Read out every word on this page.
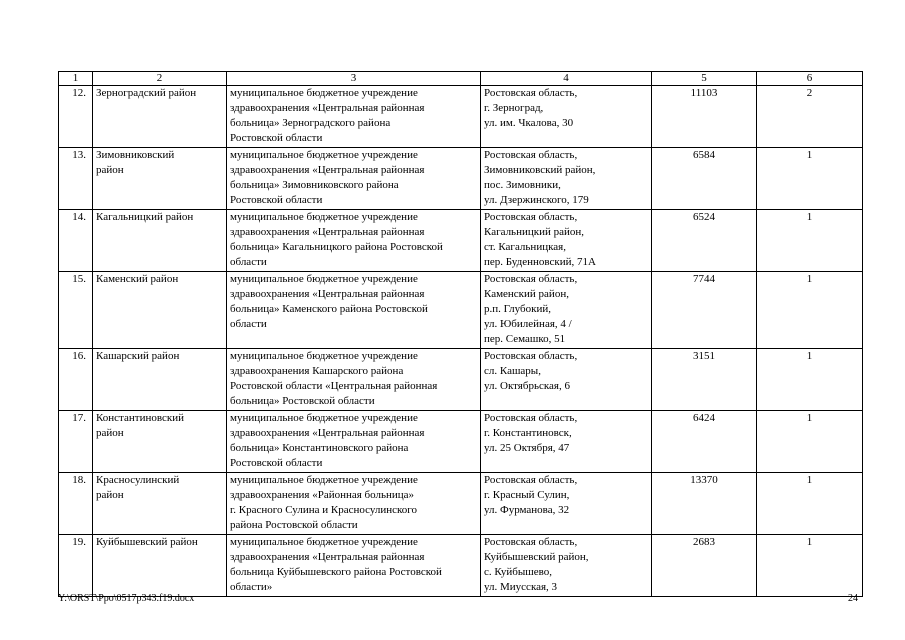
1	2	3	4	5	6
12.	Зерноградский район	муниципальное бюджетное учреждение
здравоохранения «Центральная районная
больница» Зерноградского района
Ростовской области	Ростовская область,
г. Зерноград,
ул. им. Чкалова, 30	11103	2
13.	Зимовниковский
район	муниципальное бюджетное учреждение
здравоохранения «Центральная районная
больница» Зимовниковского района
Ростовской области	Ростовская область,
Зимовниковский район,
пос. Зимовники,
ул. Дзержинского, 179	6584	1
14.	Кагальницкий район	муниципальное бюджетное учреждение
здравоохранения «Центральная районная
больница» Кагальницкого района Ростовской
области	Ростовская область,
Кагальницкий район,
ст. Кагальницкая,
пер. Буденновский, 71А	6524	1
15.	Каменский район	муниципальное бюджетное учреждение
здравоохранения «Центральная районная
больница» Каменского района Ростовской
области	Ростовская область,
Каменский район,
р.п. Глубокий,
ул. Юбилейная, 4 /
пер. Семашко, 51	7744	1
16.	Кашарский район	муниципальное бюджетное учреждение
здравоохранения Кашарского района
Ростовской области «Центральная районная
больница» Ростовской области	Ростовская область,
сл. Кашары,
ул. Октябрьская, 6	3151	1
17.	Константиновский
район	муниципальное бюджетное учреждение
здравоохранения «Центральная районная
больница» Константиновского района
Ростовской области	Ростовская область,
г. Константиновск,
ул. 25 Октября, 47	6424	1
18.	Красносулинский
район	муниципальное бюджетное учреждение
здравоохранения «Районная больница»
г. Красного Сулина и Красносулинского
района Ростовской области	Ростовская область,
г. Красный Сулин,
ул. Фурманова, 32	13370	1
19.	Куйбышевский район	муниципальное бюджетное учреждение
здравоохранения «Центральная районная
больница Куйбышевского района Ростовской
области»	Ростовская область,
Куйбышевский район,
с. Куйбышево,
ул. Миусская, 3	2683	1
Y:\ORST\Ppo\0517p343.f19.docx	24
